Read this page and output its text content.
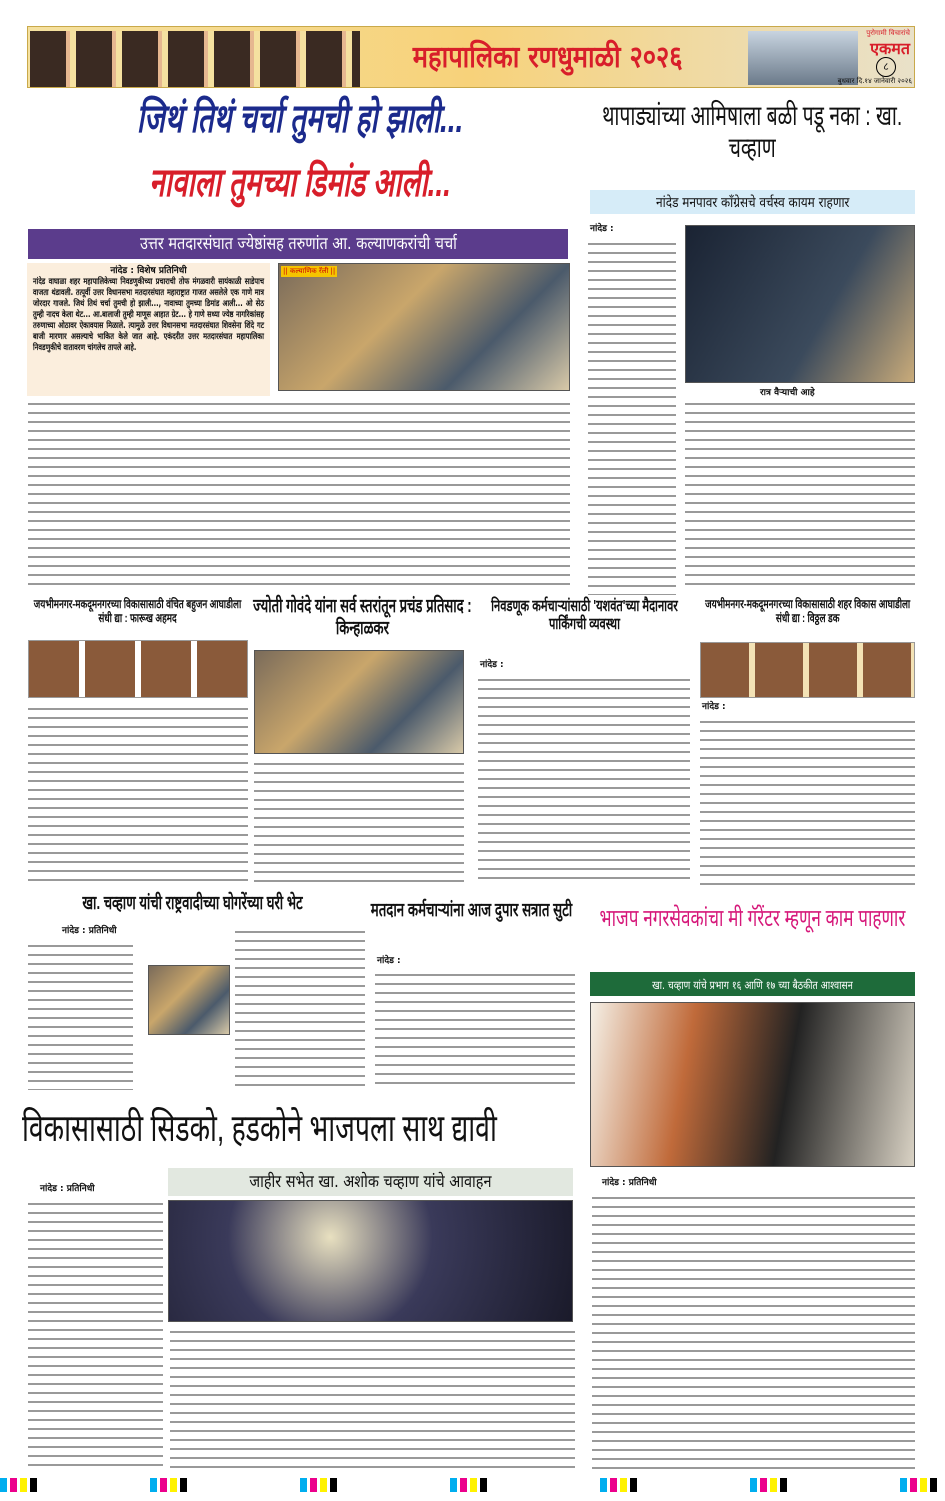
महापालिका रणधुमाळी २०२६
पुरोगामी विचारांचे
एकमत
८
बुधवार दि.१४ जानेवारी २०२६
जिथं तिथं चर्चा तुमची हो झाली...
नावाला तुमच्या डिमांड आली...
उत्तर मतदारसंघात ज्येष्ठांसह तरुणांत आ. कल्याणकरांची चर्चा
नांदेड : विशेष प्रतिनिधी
नांदेड वाघाळा शहर महापालिकेच्या निवडणुकीच्या प्रचाराची तोफ मंगळवारी सायंकाळी साडेपाच वाजता थंडावली. तत्पूर्वी उत्तर विधानसभा मतदारसंघात महाराष्ट्रात गाजत असलेले एक गाणे मात्र जोरदार गाजले. जिथं तिथं चर्चा तुमची हो झाली..., नावाच्या तुमच्या डिमांड आली... ओ सेठ तुम्ही नादच केला थेट... आ.बालाजी तुम्ही माणूस आहात ग्रेट... हे गाणे सध्या ज्येष्ठ नागरिकांसह तरुणाच्या ओठावर ऐकावयास मिळाले. त्यामुळे उत्तर विधानसभा मतदारसंघात शिवसेना शिंदे गट बाजी मारणार असल्याचे भाकित केले जात आहे. एकंदरीत उत्तर मतदारसंघात महापालिका निवडणुकीचे वातावरण चांगलेच तापले आहे.
|| कल्याणिक रॅली ||
थापाड्यांच्या आमिषाला बळी पडू नका : खा. चव्हाण
नांदेड मनपावर काँग्रेसचे वर्चस्व कायम राहणार
नांदेड :
रात्र वैऱ्याची आहे
जयभीमनगर-मकदूमनगरच्या विकासासाठी वंचित बहुजन आघाडीला संधी द्या : फारूख अहमद
ज्योती गोवंदे यांना सर्व स्तरांतून प्रचंड प्रतिसाद : किन्हाळकर
निवडणूक कर्मचाऱ्यांसाठी 'यशवंत'च्या मैदानावर पार्किंगची व्यवस्था
नांदेड :
जयभीमनगर-मकदूमनगरच्या विकासासाठी शहर विकास आघाडीला संधी द्या : विठ्ठल डक
नांदेड :
खा. चव्हाण यांची राष्ट्रवादीच्या घोगरेंच्या घरी भेट
नांदेड : प्रतिनिधी
मतदान कर्मचाऱ्यांना आज दुपार सत्रात सुटी
नांदेड :
भाजप नगरसेवकांचा मी गॅरेंटर म्हणून काम पाहणार
खा. चव्हाण यांचे प्रभाग १६ आणि १७ च्या बैठकीत आश्वासन
नांदेड : प्रतिनिधी
विकासासाठी सिडको, हडकोने भाजपला साथ द्यावी
जाहीर सभेत खा. अशोक चव्हाण यांचे आवाहन
नांदेड : प्रतिनिधी
